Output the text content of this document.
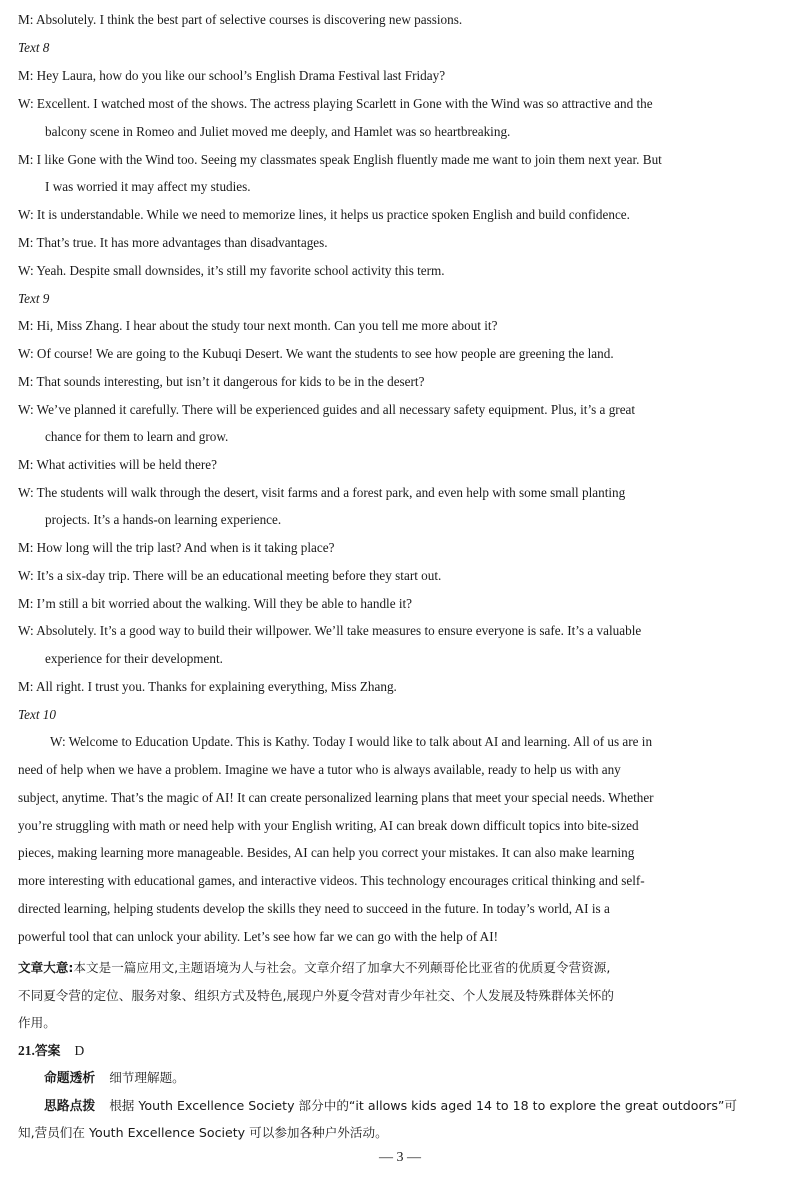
M: Absolutely. I think the best part of selective courses is discovering new passions.
Text 8
M: Hey Laura, how do you like our school’s English Drama Festival last Friday?
W: Excellent. I watched most of the shows. The actress playing Scarlett in Gone with the Wind was so attractive and the
balcony scene in Romeo and Juliet moved me deeply, and Hamlet was so heartbreaking.
M: I like Gone with the Wind too. Seeing my classmates speak English fluently made me want to join them next year. But
I was worried it may affect my studies.
W: It is understandable. While we need to memorize lines, it helps us practice spoken English and build confidence.
M: That’s true. It has more advantages than disadvantages.
W: Yeah. Despite small downsides, it’s still my favorite school activity this term.
Text 9
M: Hi, Miss Zhang. I hear about the study tour next month. Can you tell me more about it?
W: Of course! We are going to the Kubuqi Desert. We want the students to see how people are greening the land.
M: That sounds interesting, but isn’t it dangerous for kids to be in the desert?
W: We’ve planned it carefully. There will be experienced guides and all necessary safety equipment. Plus, it’s a great
chance for them to learn and grow.
M: What activities will be held there?
W: The students will walk through the desert, visit farms and a forest park, and even help with some small planting
projects. It’s a hands-on learning experience.
M: How long will the trip last? And when is it taking place?
W: It’s a six-day trip. There will be an educational meeting before they start out.
M: I’m still a bit worried about the walking. Will they be able to handle it?
W: Absolutely. It’s a good way to build their willpower. We’ll take measures to ensure everyone is safe. It’s a valuable
experience for their development.
M: All right. I trust you. Thanks for explaining everything, Miss Zhang.
Text 10
W: Welcome to Education Update. This is Kathy. Today I would like to talk about AI and learning. All of us are in
need of help when we have a problem. Imagine we have a tutor who is always available, ready to help us with any
subject, anytime. That’s the magic of AI! It can create personalized learning plans that meet your special needs. Whether
you’re struggling with math or need help with your English writing, AI can break down difficult topics into bite-sized
pieces, making learning more manageable. Besides, AI can help you correct your mistakes. It can also make learning
more interesting with educational games, and interactive videos. This technology encourages critical thinking and self-
directed learning, helping students develop the skills they need to succeed in the future. In today’s world, AI is a
powerful tool that can unlock your ability. Let’s see how far we can go with the help of AI!
文章大意:本文是一篇应用文,主题语境为人与社会。文章介绍了加拿大不列颠哥伦比亚省的优质夏令营资源,
不同夏令营的定位、服务对象、组织方式及特色,展现户外夏令营对青少年社交、个人发展及特殊群体关怀的
作用。
21.答案 D
命题透析 细节理解题。
思路点拨 根据 Youth Excellence Society 部分中的“it allows kids aged 14 to 18 to explore the great outdoors”可
知,营员们在 Youth Excellence Society 可以参加各种户外活动。
— 3 —
